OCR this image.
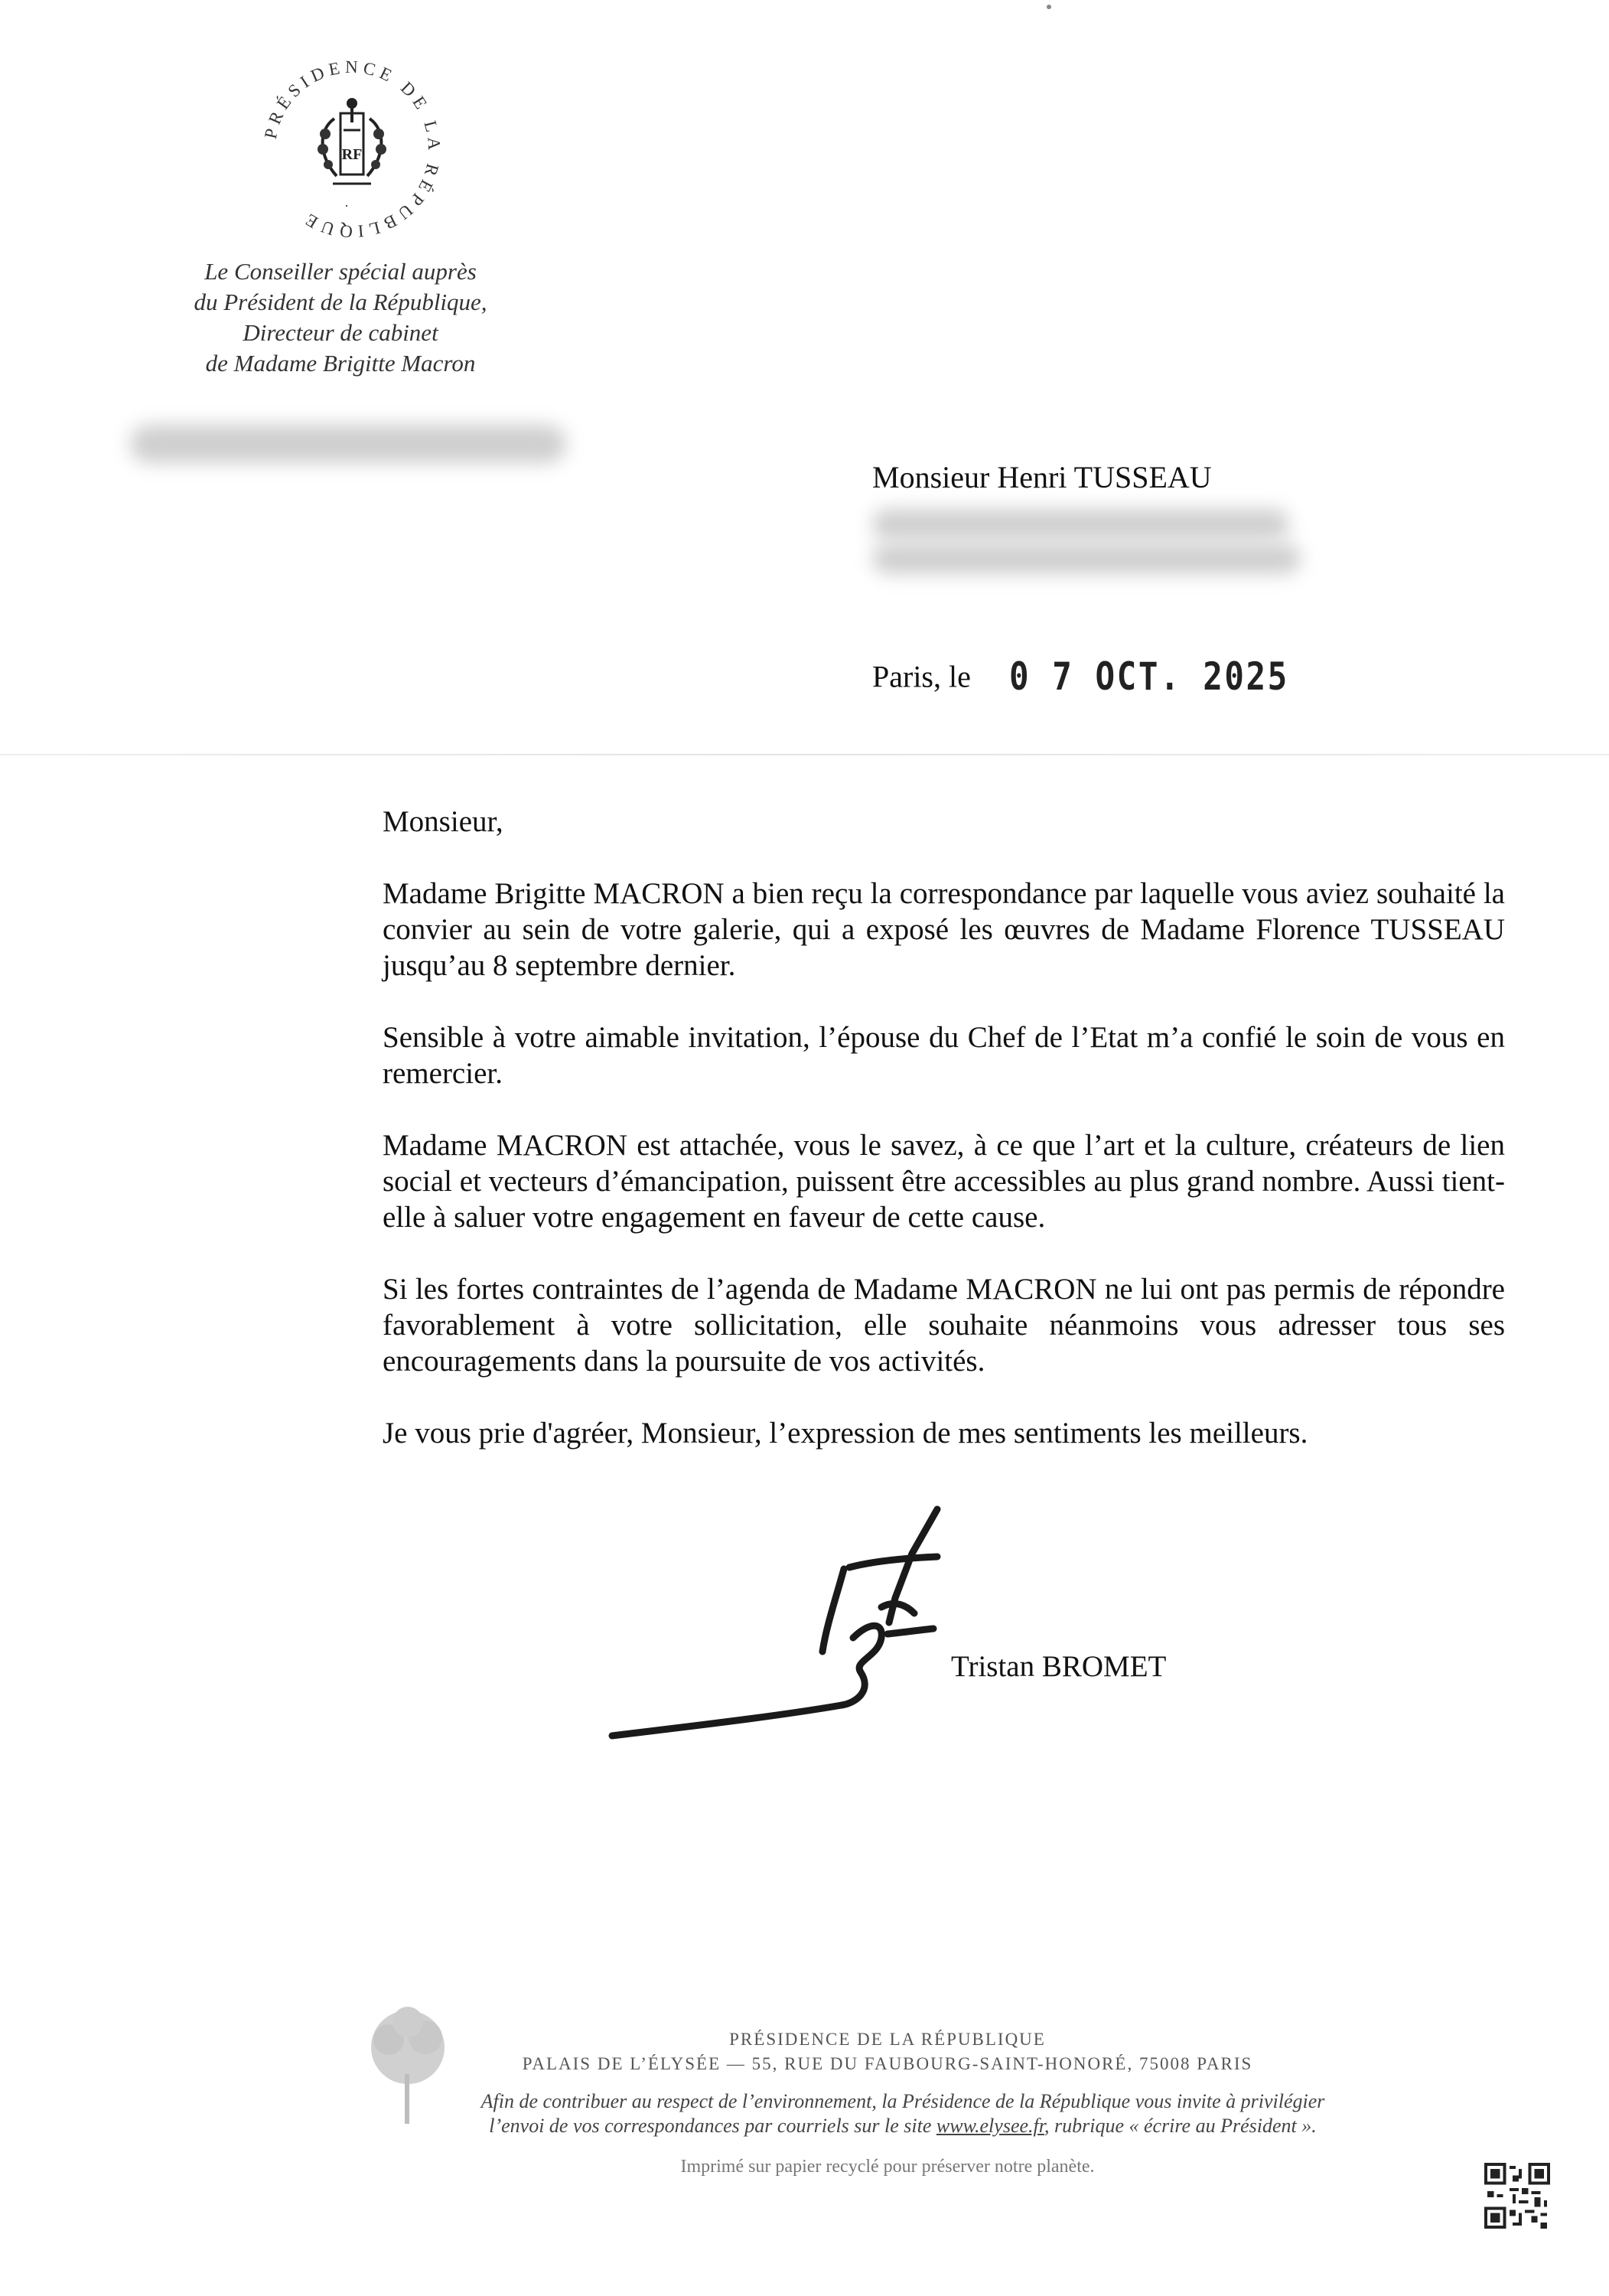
PRÉSIDENCE DE LA RÉPUBLIQUE
RF
·
Le Conseiller spécial auprès
du Président de la République,
Directeur de cabinet
de Madame Brigitte Macron
Monsieur Henri TUSSEAU
Paris, le 0 7 OCT. 2025

Monsieur,

Madame Brigitte MACRON a bien reçu la correspondance par laquelle vous aviez souhaité la convier au sein de votre galerie, qui a exposé les œuvres de Madame Florence TUSSEAU jusqu’au 8 septembre dernier.

Sensible à votre aimable invitation, l’épouse du Chef de l’Etat m’a confié le soin de vous en remercier.

Madame MACRON est attachée, vous le savez, à ce que l’art et la culture, créateurs de lien social et vecteurs d’émancipation, puissent être accessibles au plus grand nombre. Aussi tient-elle à saluer votre engagement en faveur de cette cause.

Si les fortes contraintes de l’agenda de Madame MACRON ne lui ont pas permis de répondre favorablement à votre sollicitation, elle souhaite néanmoins vous adresser tous ses encouragements dans la poursuite de vos activités.

Je vous prie d'agréer, Monsieur, l’expression de mes sentiments les meilleurs.

Tristan BROMET
PRÉSIDENCE DE LA RÉPUBLIQUE
PALAIS DE L’ÉLYSÉE — 55, RUE DU FAUBOURG-SAINT-HONORÉ, 75008 PARIS
Afin de contribuer au respect de l’environnement, la Présidence de la République vous invite à privilégier
l’envoi de vos correspondances par courriels sur le site www.elysee.fr, rubrique « écrire au Président ».
Imprimé sur papier recyclé pour préserver notre planète.
